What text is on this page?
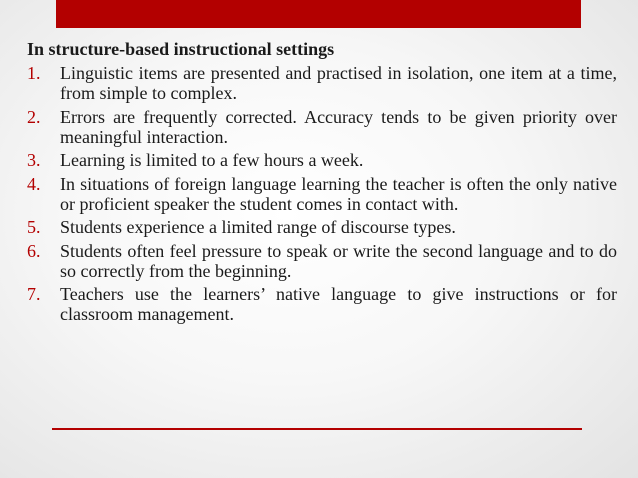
In structure-based instructional settings
1. Linguistic items are presented and practised in isolation, one item at a time, from simple to complex.
2. Errors are frequently corrected. Accuracy tends to be given priority over meaningful interaction.
3. Learning is limited to a few hours a week.
4. In situations of foreign language learning the teacher is often the only native or proficient speaker the student comes in contact with.
5. Students experience a limited range of discourse types.
6. Students often feel pressure to speak or write the second language and to do so correctly from the beginning.
7. Teachers use the learners’ native language to give instructions or for classroom management.
